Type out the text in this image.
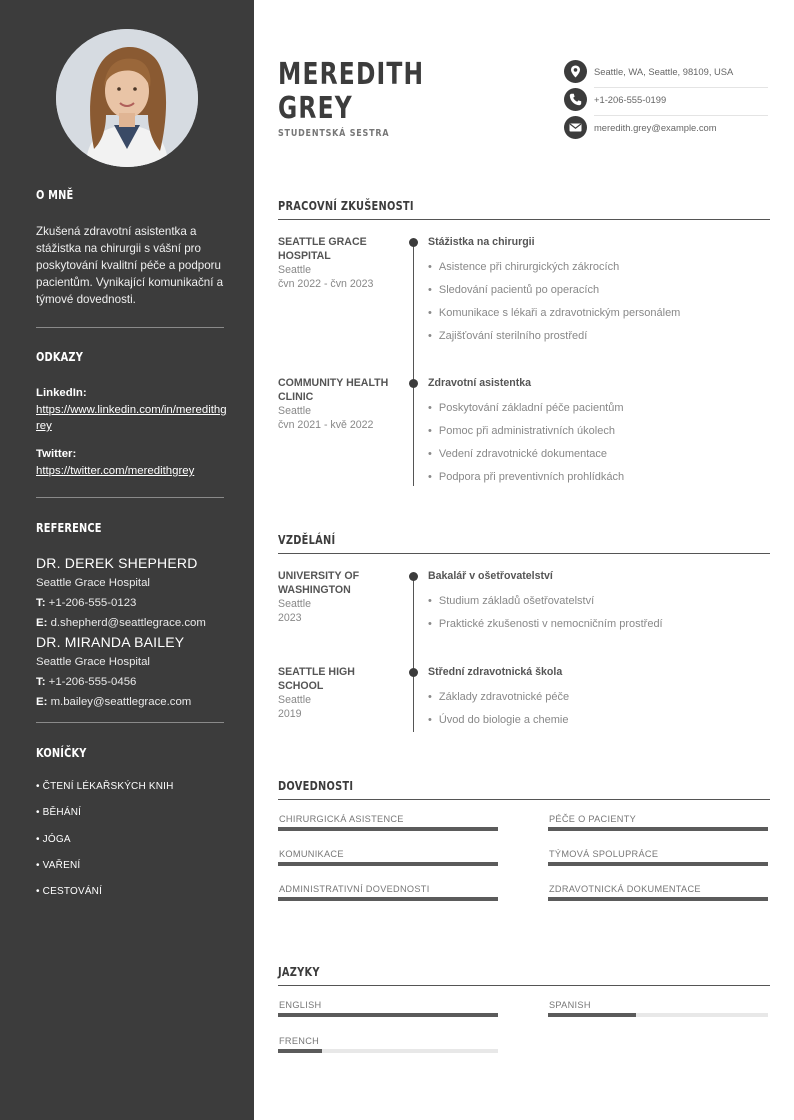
O MNĚ
Zkušená zdravotní asistentka a stážistka na chirurgii s vášní pro poskytování kvalitní péče a podporu pacientům. Vynikající komunikační a týmové dovednosti.
ODKAZY
LinkedIn:
https://www.linkedin.com/in/meredithgrey
Twitter:
https://twitter.com/meredithgrey
REFERENCE
DR. DEREK SHEPHERD
Seattle Grace Hospital
T: +1-206-555-0123
E: d.shepherd@seattlegrace.com
DR. MIRANDA BAILEY
Seattle Grace Hospital
T: +1-206-555-0456
E: m.bailey@seattlegrace.com
KONÍČKY
• ČTENÍ LÉKAŘSKÝCH KNIH
• BĚHÁNÍ
• JÓGA
• VAŘENÍ
• CESTOVÁNÍ
MEREDITH
GREY
STUDENTSKÁ SESTRA
Seattle, WA, Seattle, 98109, USA
+1-206-555-0199
meredith.grey@example.com
PRACOVNÍ ZKUŠENOSTI
SEATTLE GRACE HOSPITAL
Seattle
čvn 2022 - čvn 2023
Stážistka na chirurgii
• Asistence při chirurgických zákrocích
• Sledování pacientů po operacích
• Komunikace s lékaři a zdravotnickým personálem
• Zajišťování sterilního prostředí
COMMUNITY HEALTH CLINIC
Seattle
čvn 2021 - kvě 2022
Zdravotní asistentka
• Poskytování základní péče pacientům
• Pomoc při administrativních úkolech
• Vedení zdravotnické dokumentace
• Podpora při preventivních prohlídkách
VZDĚLÁNÍ
UNIVERSITY OF WASHINGTON
Seattle
2023
Bakalář v ošetřovatelství
• Studium základů ošetřovatelství
• Praktické zkušenosti v nemocničním prostředí
SEATTLE HIGH SCHOOL
Seattle
2019
Střední zdravotnická škola
• Základy zdravotnické péče
• Úvod do biologie a chemie
DOVEDNOSTI
CHIRURGICKÁ ASISTENCE	PÉČE O PACIENTY
KOMUNIKACE	TÝMOVÁ SPOLUPRÁCE
ADMINISTRATIVNÍ DOVEDNOSTI	ZDRAVOTNICKÁ DOKUMENTACE
JAZYKY
ENGLISH	SPANISH
FRENCH
